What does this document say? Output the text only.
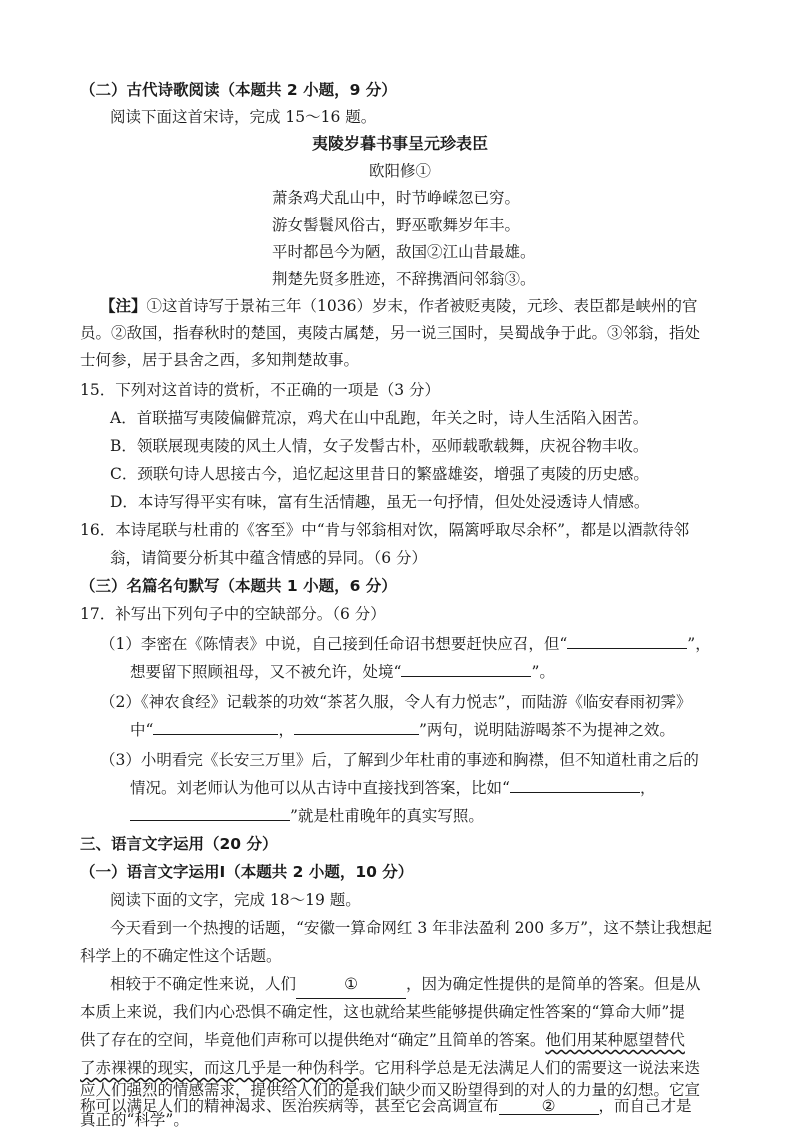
（二）古代诗歌阅读（本题共 2 小题，9 分）
阅读下面这首宋诗，完成 15～16 题。
夷陵岁暮书事呈元珍表臣
欧阳修①
萧条鸡犬乱山中，时节峥嵘忽已穷。
游女髻鬟风俗古，野巫歌舞岁年丰。
平时都邑今为陋，敌国②江山昔最雄。
荆楚先贤多胜迹，不辞携酒问邻翁③。
【注】①这首诗写于景祐三年（1036）岁末，作者被贬夷陵，元珍、表臣都是峡州的官
员。②敌国，指春秋时的楚国，夷陵古属楚，另一说三国时，吴蜀战争于此。③邻翁，指处
士何参，居于县舍之西，多知荆楚故事。
15．下列对这首诗的赏析，不正确的一项是（3 分）
A．首联描写夷陵偏僻荒凉，鸡犬在山中乱跑，年关之时，诗人生活陷入困苦。
B．领联展现夷陵的风土人情，女子发髻古朴，巫师载歌载舞，庆祝谷物丰收。
C．颈联句诗人思接古今，追忆起这里昔日的繁盛雄姿，增强了夷陵的历史感。
D．本诗写得平实有味，富有生活情趣，虽无一句抒情，但处处浸透诗人情感。
16．本诗尾联与杜甫的《客至》中“肯与邻翁相对饮，隔篱呼取尽余杯”，都是以酒款待邻
翁，请简要分析其中蕴含情感的异同。（6 分）
（三）名篇名句默写（本题共 1 小题，6 分）
17．补写出下列句子中的空缺部分。（6 分）
（1）李密在《陈情表》中说，自己接到任命诏书想要赶快应召，但“	”，
想要留下照顾祖母，又不被允许，处境“	”。
（2）《神农食经》记载茶的功效“茶茗久服，令人有力悦志”，而陆游《临安春雨初霁》
中“	，	”两句，说明陆游喝茶不为提神之效。
（3）小明看完《长安三万里》后，了解到少年杜甫的事迹和胸襟，但不知道杜甫之后的
情况。刘老师认为他可以从古诗中直接找到答案，比如“	，
”就是杜甫晚年的真实写照。
三、语言文字运用（20 分）
（一）语言文字运用Ⅰ（本题共 2 小题，10 分）
阅读下面的文字，完成 18～19 题。
今天看到一个热搜的话题，“安徽一算命网红 3 年非法盈利 200 多万”，这不禁让我想起
科学上的不确定性这个话题。
相较于不确定性来说，人们	①	，因为确定性提供的是简单的答案。但是从
本质上来说，我们内心恐惧不确定性，这也就给某些能够提供确定性答案的“算命大师”提
供了存在的空间，毕竟他们声称可以提供绝对“确定”且简单的答案。他们用某种愿望替代
了赤裸裸的现实，而这几乎是一种伪科学。它用科学总是无法满足人们的需要这一说法来迭
应人们强烈的情感需求，提供给人们的是我们缺少而又盼望得到的对人的力量的幻想。它宣
称可以满足人们的精神渴求、医治疾病等，甚至它会高调宣布	②	，而自己才是
真正的“科学”。
